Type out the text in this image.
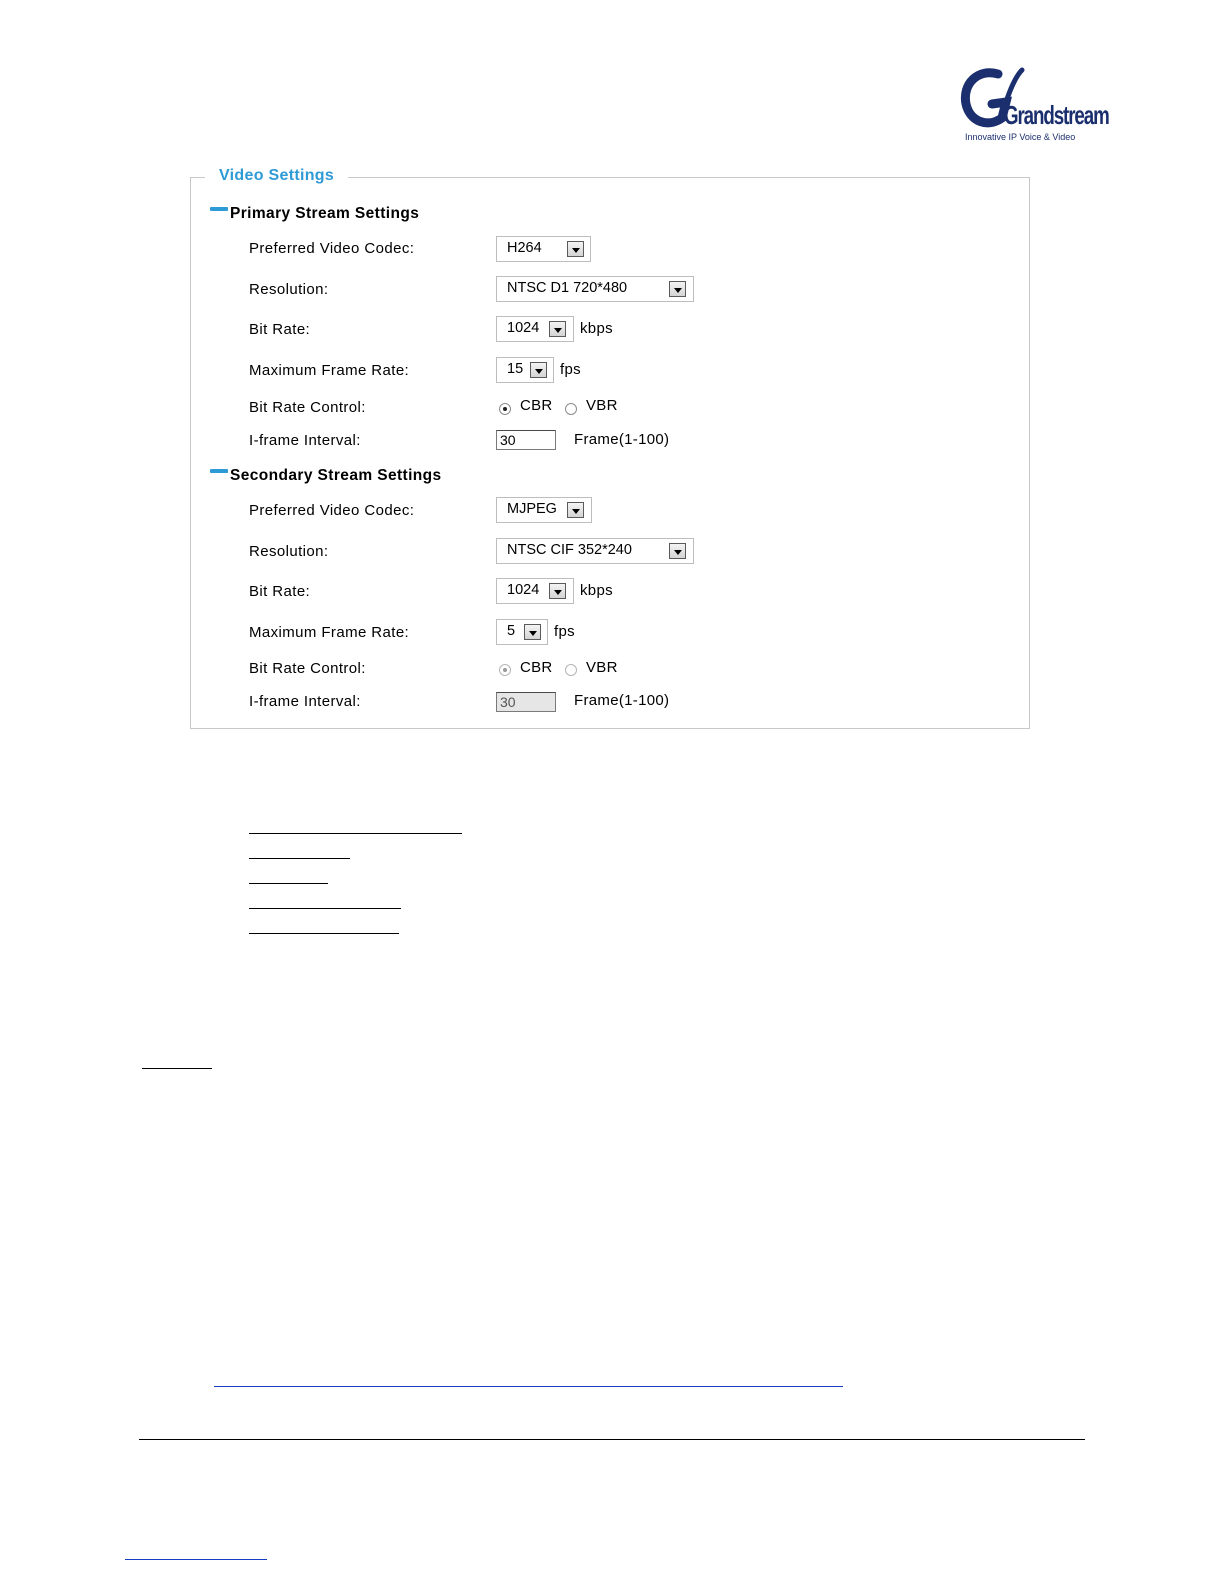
Grandstream
Innovative IP Voice & Video
Video Settings
Primary Stream Settings
Preferred Video Codec:	H264
Resolution:	NTSC D1 720*480
Bit Rate:	1024	kbps
Maximum Frame Rate:	15 fps
Bit Rate Control:	CBR VBR
I-frame Interval:	30	Frame(1-100)
Secondary Stream Settings
Preferred Video Codec:	MJPEG
Resolution:	NTSC CIF 352*240
Bit Rate:	1024	kbps
Maximum Frame Rate:	5	fps
Bit Rate Control:	CBR VBR
I-frame Interval:	30	Frame(1-100)
